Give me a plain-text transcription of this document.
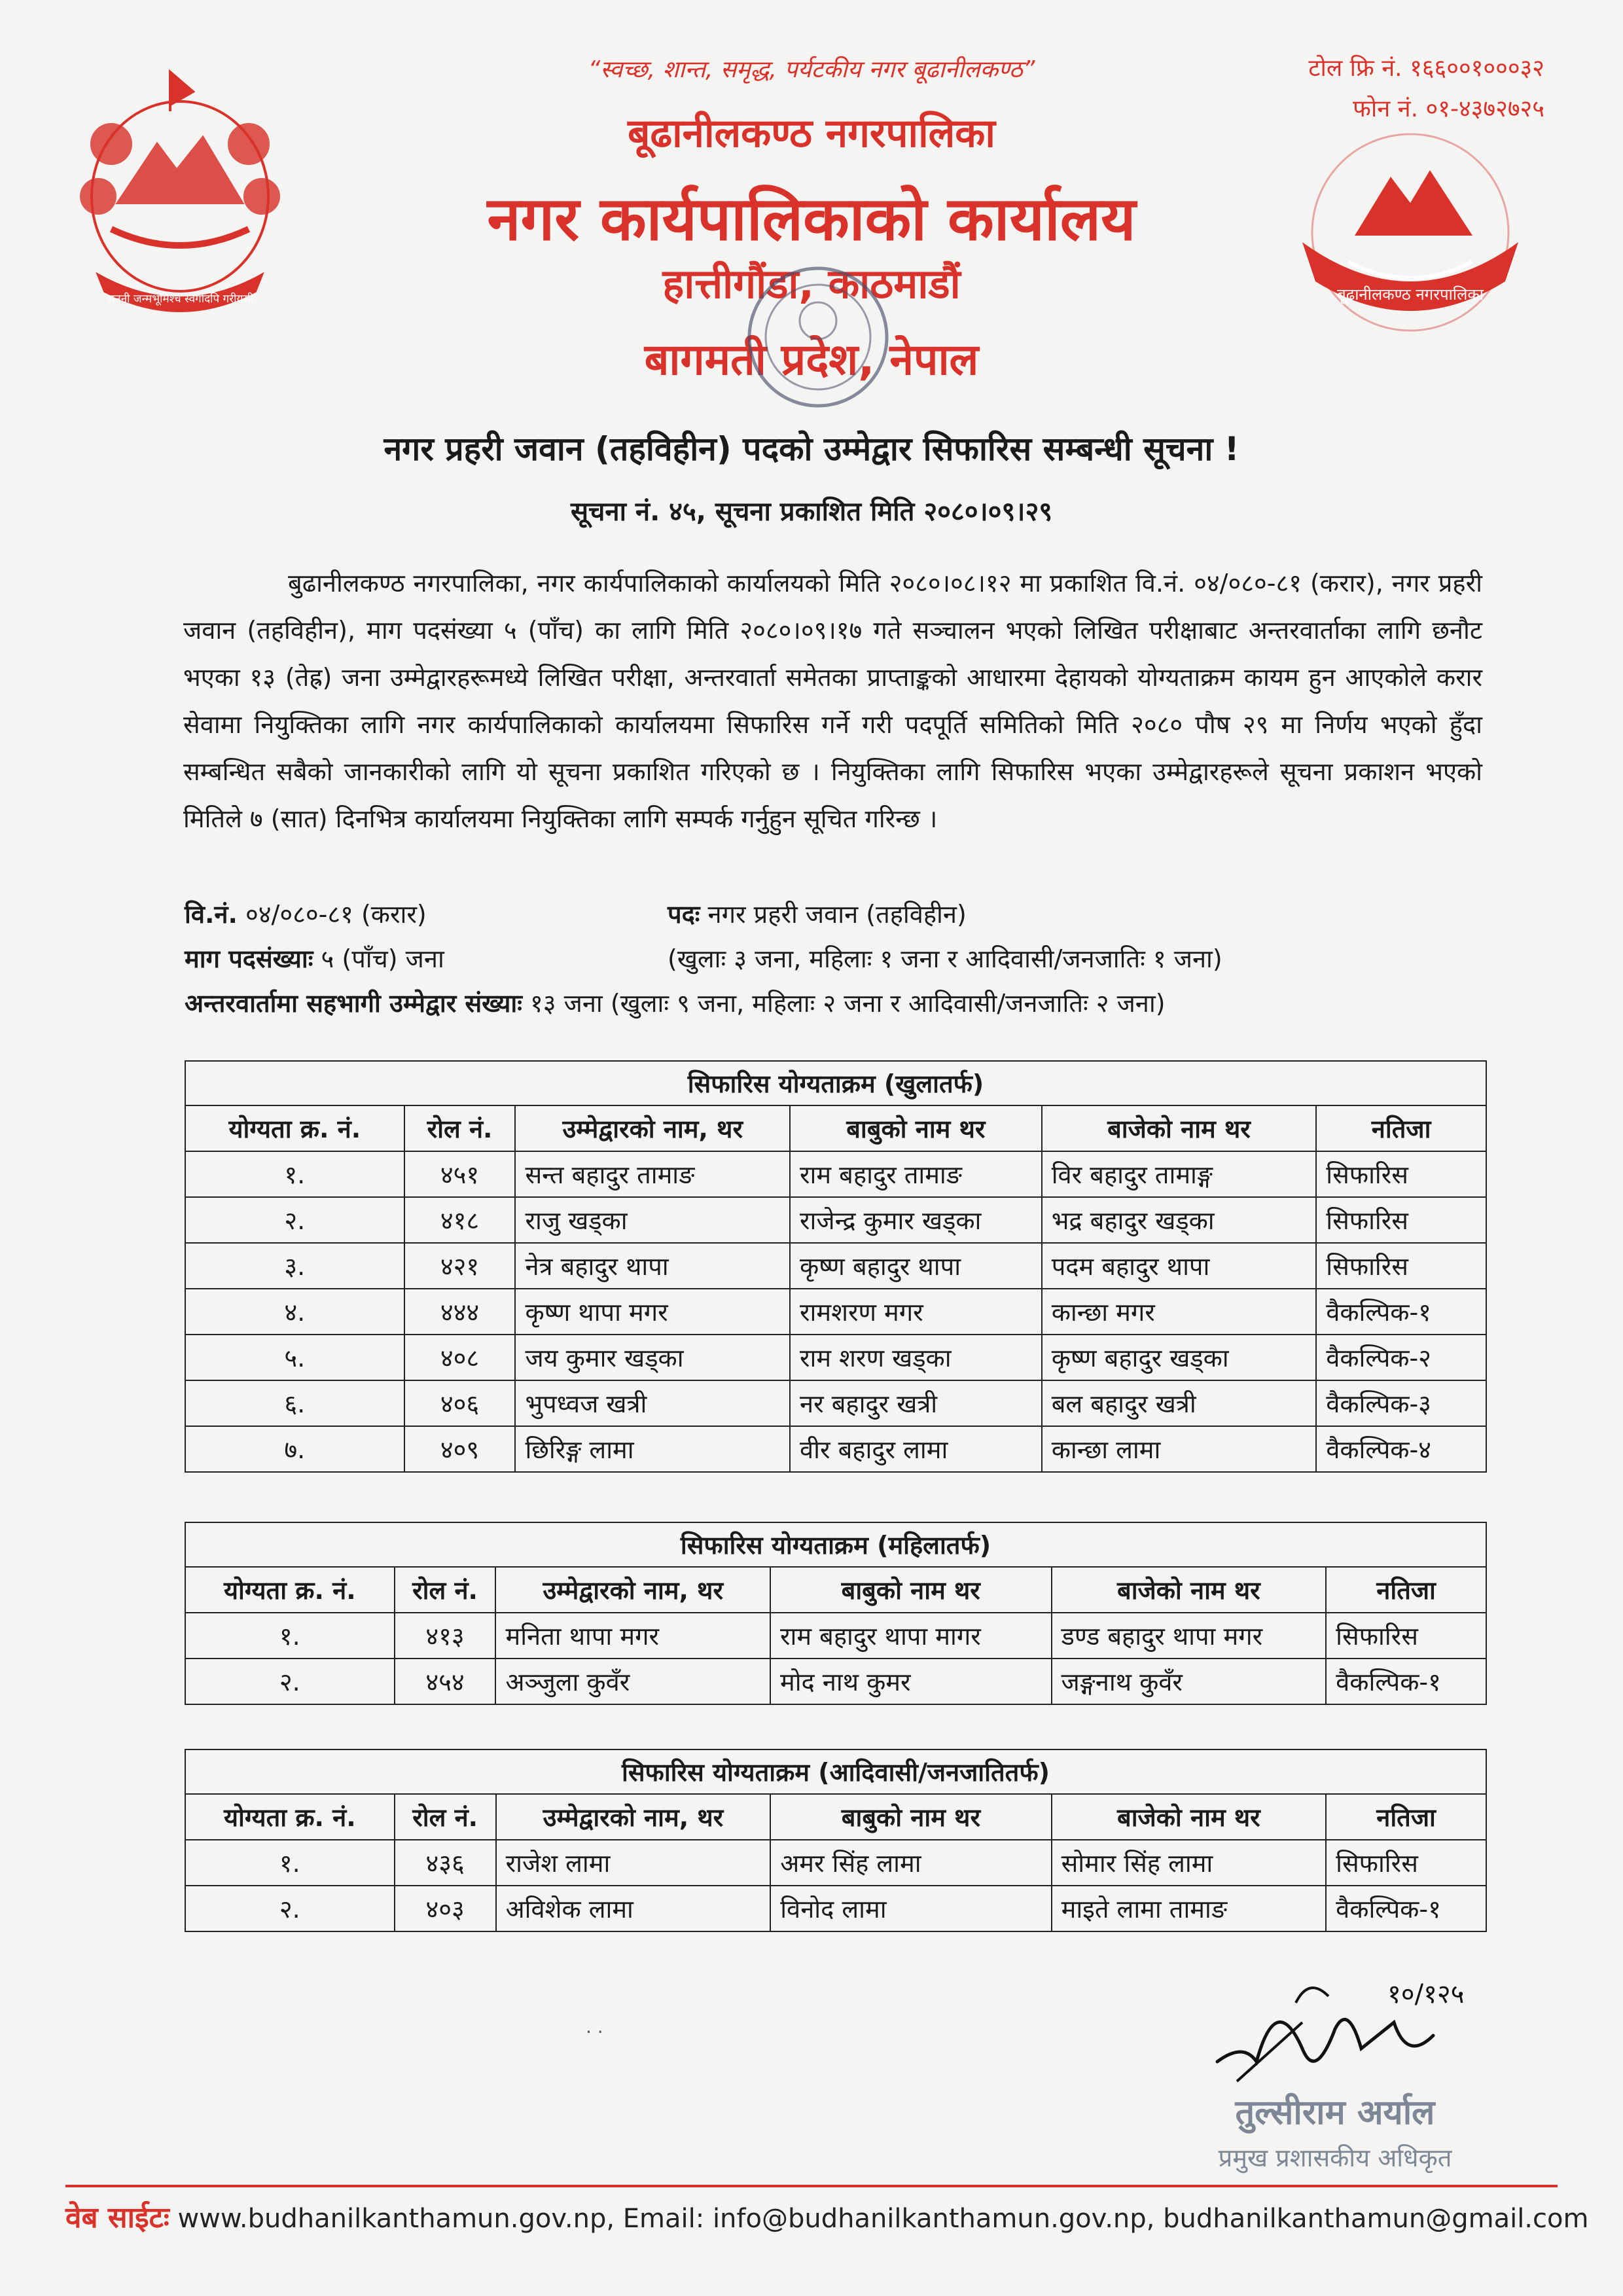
जननी जन्मभूमिश्च स्वर्गादपि गरीयसी	बूढानीलकण्ठ नगरपालिका
“स्वच्छ, शान्त, समृद्ध, पर्यटकीय नगर बूढानीलकण्ठ”	टोल फ्रि नं. १६६००१०००३२
फोन नं. ०१-४३७२७२५
बूढानीलकण्ठ नगरपालिका
नगर कार्यपालिकाको कार्यालय
हात्तीगौंडा, काठमाडौं
बागमती प्रदेश, नेपाल
नगर प्रहरी जवान (तहविहीन) पदको उम्मेद्वार सिफारिस सम्बन्धी सूचना !
सूचना नं. ४५, सूचना प्रकाशित मिति २०८०।०९।२९
बुढानीलकण्ठ नगरपालिका, नगर कार्यपालिकाको कार्यालयको मिति २०८०।०८।१२ मा प्रकाशित वि.नं. ०४/०८०-८१ (करार), नगर प्रहरी जवान (तहविहीन), माग पदसंख्या ५ (पाँच) का लागि मिति २०८०।०९।१७ गते सञ्चालन भएको लिखित परीक्षाबाट अन्तरवार्ताका लागि छनौट भएका १३ (तेह्र) जना उम्मेद्वारहरूमध्ये लिखित परीक्षा, अन्तरवार्ता समेतका प्राप्ताङ्कको आधारमा देहायको योग्यताक्रम कायम हुन आएकोले करार सेवामा नियुक्तिका लागि नगर कार्यपालिकाको कार्यालयमा सिफारिस गर्ने गरी पदपूर्ति समितिको मिति २०८० पौष २९ मा निर्णय भएको हुँदा सम्बन्धित सबैको जानकारीको लागि यो सूचना प्रकाशित गरिएको छ । नियुक्तिका लागि सिफारिस भएका उम्मेद्वारहरूले सूचना प्रकाशन भएको मितिले ७ (सात) दिनभित्र कार्यालयमा नियुक्तिका लागि सम्पर्क गर्नुहुन सूचित गरिन्छ ।
वि.नं. ०४/०८०-८१ (करार)	पदः नगर प्रहरी जवान (तहविहीन)
माग पदसंख्याः ५ (पाँच) जना	(खुलाः ३ जना, महिलाः १ जना र आदिवासी/जनजातिः १ जना)
अन्तरवार्तामा सहभागी उम्मेद्वार संख्याः १३ जना (खुलाः ९ जना, महिलाः २ जना र आदिवासी/जनजातिः २ जना)
सिफारिस योग्यताक्रम (खुलातर्फ)					
योग्यता क्र. नं.	रोल नं.	उम्मेद्वारको नाम, थर	बाबुको नाम थर	बाजेको नाम थर	नतिजा
१.	४५१	सन्त बहादुर तामाङ	राम बहादुर तामाङ	विर बहादुर तामाङ्ग	सिफारिस
२.	४१८	राजु खड्का	राजेन्द्र कुमार खड्का	भद्र बहादुर खड्का	सिफारिस
३.	४२१	नेत्र बहादुर थापा	कृष्ण बहादुर थापा	पदम बहादुर थापा	सिफारिस
४.	४४४	कृष्ण थापा मगर	रामशरण मगर	कान्छा मगर	वैकल्पिक-१
५.	४०८	जय कुमार खड्का	राम शरण खड्का	कृष्ण बहादुर खड्का	वैकल्पिक-२
६.	४०६	भुपध्वज खत्री	नर बहादुर खत्री	बल बहादुर खत्री	वैकल्पिक-३
७.	४०९	छिरिङ्ग लामा	वीर बहादुर लामा	कान्छा लामा	वैकल्पिक-४
सिफारिस योग्यताक्रम (महिलातर्फ)					
योग्यता क्र. नं.	रोल नं.	उम्मेद्वारको नाम, थर	बाबुको नाम थर	बाजेको नाम थर	नतिजा
१.	४१३	मनिता थापा मगर	राम बहादुर थापा मागर	डण्ड बहादुर थापा मगर	सिफारिस
२.	४५४	अञ्जुला कुवँर	मोद नाथ कुमर	जङ्गनाथ कुवँर	वैकल्पिक-१
सिफारिस योग्यताक्रम (आदिवासी/जनजातितर्फ)					
योग्यता क्र. नं.	रोल नं.	उम्मेद्वारको नाम, थर	बाबुको नाम थर	बाजेको नाम थर	नतिजा
१.	४३६	राजेश लामा	अमर सिंह लामा	सोमार सिंह लामा	सिफारिस
२.	४०३	अविशेक लामा	विनोद लामा	माइते लामा तामाङ	वैकल्पिक-१
१०/१२५
· ·
तुल्सीराम अर्याल
प्रमुख प्रशासकीय अधिकृत
वेब साईटः www.budhanilkanthamun.gov.np, Email: info@budhanilkanthamun.gov.np, budhanilkanthamun@gmail.com
